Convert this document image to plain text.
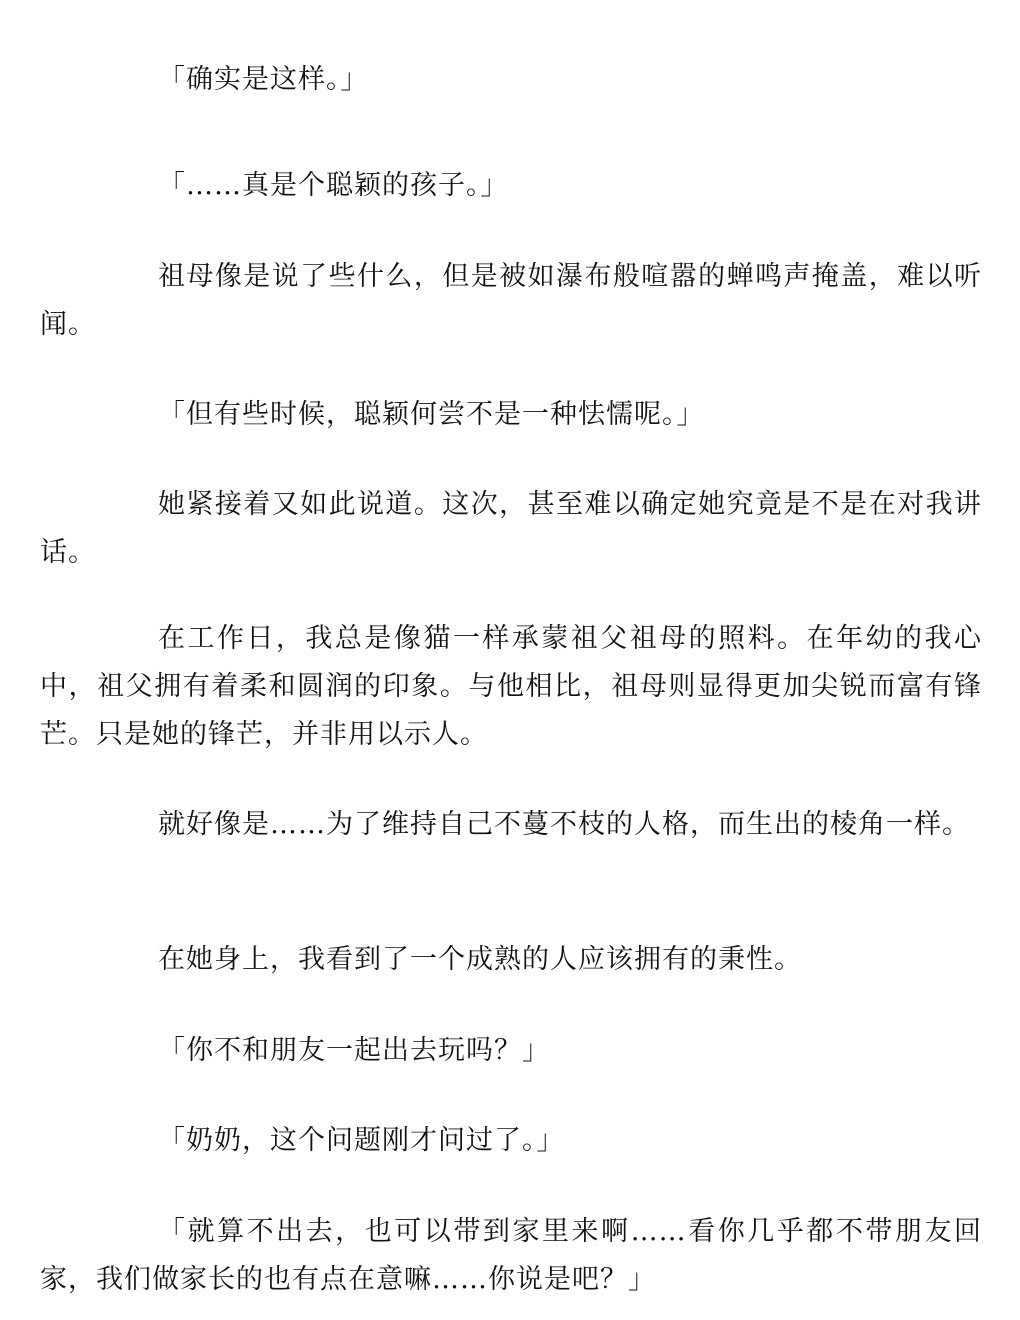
「确实是这样。」

「……真是个聪颖的孩子。」

祖母像是说了些什么，但是被如瀑布般喧嚣的蝉鸣声掩盖，难以听闻。

「但有些时候，聪颖何尝不是一种怯懦呢。」

她紧接着又如此说道。这次，甚至难以确定她究竟是不是在对我讲话。

在工作日，我总是像猫一样承蒙祖父祖母的照料。在年幼的我心中，祖父拥有着柔和圆润的印象。与他相比，祖母则显得更加尖锐而富有锋芒。只是她的锋芒，并非用以示人。

就好像是……为了维持自己不蔓不枝的人格，而生出的棱角一样。

在她身上，我看到了一个成熟的人应该拥有的秉性。

「你不和朋友一起出去玩吗？」

「奶奶，这个问题刚才问过了。」

「就算不出去，也可以带到家里来啊……看你几乎都不带朋友回家，我们做家长的也有点在意嘛……你说是吧？」
